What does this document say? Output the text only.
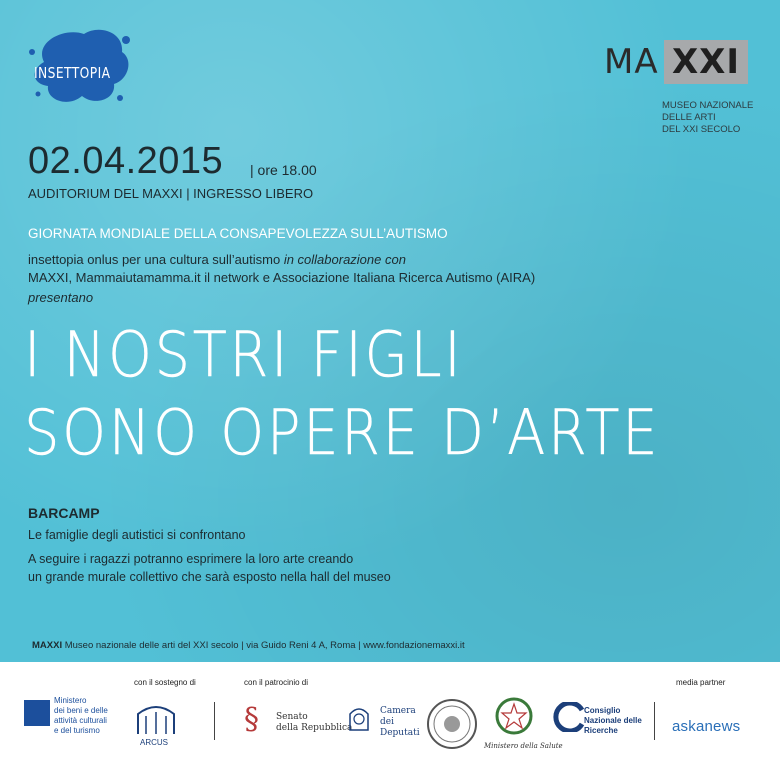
INSETTOPIA	MA XXI
MUSEO NAZIONALE
DELLE ARTI
DEL XXI SECOLO
02.04.2015 | ore 18.00
AUDITORIUM DEL MAXXI | INGRESSO LIBERO
GIORNATA MONDIALE DELLA CONSAPEVOLEZZA SULL’AUTISMO
insettopia onlus per una cultura sull’autismo in collaborazione con
MAXXI, Mammaiutamamma.it il network e Associazione Italiana Ricerca Autismo (AIRA)
presentano
I NOSTRI FIGLI
SONO OPERE D’ARTE
BARCAMP
Le famiglie degli autistici si confrontano
A seguire i ragazzi potranno esprimere la loro arte creando
un grande murale collettivo che sarà esposto nella hall del museo
MAXXI Museo nazionale delle arti del XXI secolo | via Guido Reni 4 A, Roma | www.fondazionemaxxi.it
con il sostegno di	con il patrocinio di	media partner
Ministero
dei beni e delle
attività culturali
e del turismo
ARCUS
§ Senato
della Repubblica
Camera
dei
Deputati
Ministero della Salute
Consiglio
Nazionale delle
Ricerche	askanews
